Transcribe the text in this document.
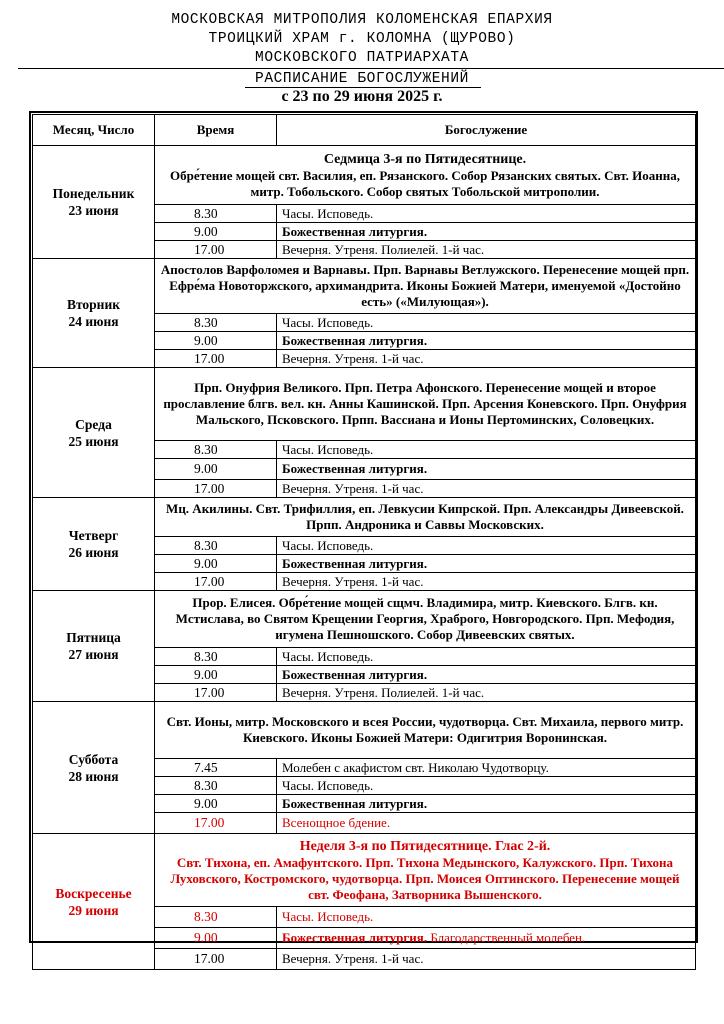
МОСКОВСКАЯ МИТРОПОЛИЯ КОЛОМЕНСКАЯ ЕПАРХИЯ
ТРОИЦКИЙ ХРАМ г. КОЛОМНА (ЩУРОВО)
МОСКОВСКОГО ПАТРИАРХАТА
РАСПИСАНИЕ БОГОСЛУЖЕНИЙ
с 23 по 29 июня 2025 г.
Месяц, Число	Время	Богослужение
Понедельник
23 июня	Седмица 3-я по Пятидесятнице.
Обре́тение мощей свт. Василия, еп. Рязанского. Собор Рязанских святых. Свт. Иоанна, митр. Тобольского. Собор святых Тобольской митрополии.	
	8.30	Часы. Исповедь.
	9.00	Божественная литургия.
	17.00	Вечерня. Утреня. Полиелей. 1-й час.
Вторник
24 июня	Апостолов Варфоломея и Варнавы. Прп. Варнавы Ветлужского. Перенесение мощей прп. Ефре́ма Новоторжского, архимандрита. Иконы Божией Матери, именуемой «Достойно есть» («Милующая»).	
	8.30	Часы. Исповедь.
	9.00	Божественная литургия.
	17.00	Вечерня. Утреня. 1-й час.
Среда
25 июня	Прп. Онуфрия Великого. Прп. Петра Афонского. Перенесение мощей и второе прославление блгв. вел. кн. Анны Кашинской. Прп. Арсения Коневского. Прп. Онуфрия Мальского, Псковского. Прпп. Вассиана и Ионы Пертоминских, Соловецких.	
	8.30	Часы. Исповедь.
	9.00	Божественная литургия.
	17.00	Вечерня. Утреня. 1-й час.
Четверг
26 июня	Мц. Акилины. Свт. Трифиллия, еп. Левкусии Кипрской. Прп. Александры Дивеевской. Прпп. Андроника и Саввы Московских.	
	8.30	Часы. Исповедь.
	9.00	Божественная литургия.
	17.00	Вечерня. Утреня. 1-й час.
Пятница
27 июня	Прор. Елисея. Обре́тение мощей сщмч. Владимира, митр. Киевского. Блгв. кн. Мстислава, во Святом Крещении Георгия, Храброго, Новгородского. Прп. Мефодия, игумена Пешношского. Собор Дивеевских святых.	
	8.30	Часы. Исповедь.
	9.00	Божественная литургия.
	17.00	Вечерня. Утреня. Полиелей. 1-й час.
Суббота
28 июня	Свт. Ионы, митр. Московского и всея России, чудотворца. Свт. Михаила, первого митр. Киевского. Иконы Божией Матери: Одигитрия Воронинская.	
	7.45	Молебен с акафистом свт. Николаю Чудотворцу.
	8.30	Часы. Исповедь.
	9.00	Божественная литургия.
	17.00	Всенощное бдение.
Воскресенье
29 июня	Неделя 3-я по Пятидесятнице. Глас 2-й.
Свт. Тихона, еп. Амафунтского. Прп. Тихона Медынского, Калужского. Прп. Тихона Луховского, Костромского, чудотворца. Прп. Моисея Оптинского. Перенесение мощей свт. Феофана, Затворника Вышенского.	
	8.30	Часы. Исповедь.
	9.00	Божественная литургия. Благодарственный молебен.
	17.00	Вечерня. Утреня. 1-й час.
